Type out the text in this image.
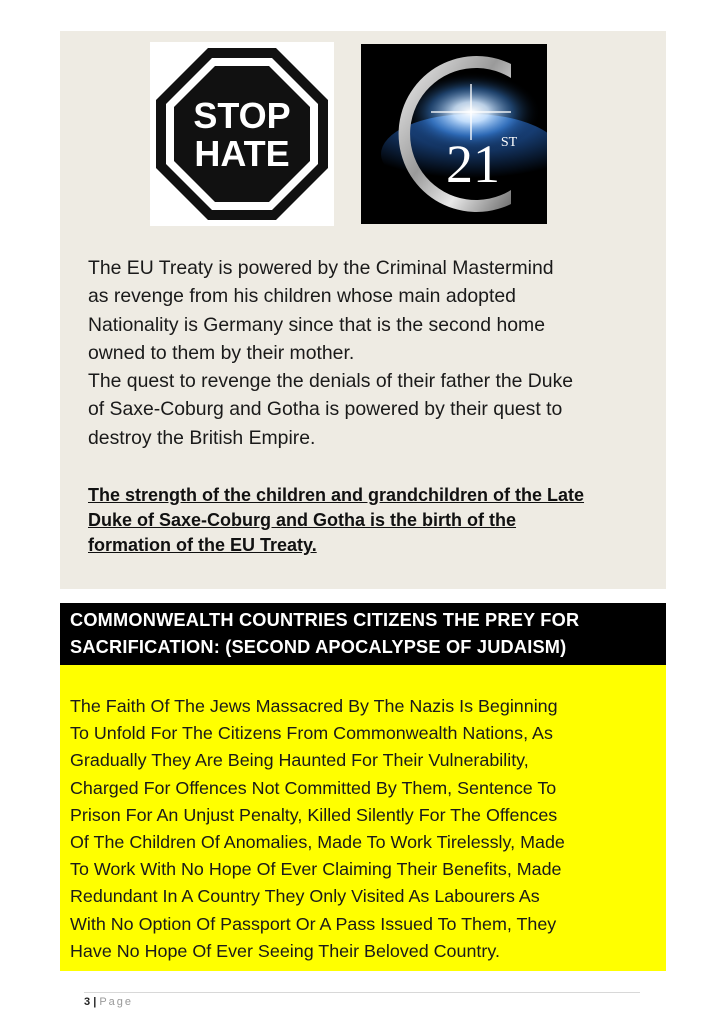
STOP
HATE	21 ST

The EU Treaty is powered by the Criminal Mastermind

as revenge from his children whose main adopted

Nationality is Germany since that is the second home

owned to them by their mother.

The quest to revenge the denials of their father the Duke

of Saxe-Coburg and Gotha is powered by their quest to

destroy the British Empire.

The strength of the children and grandchildren of the Late
Duke of Saxe-Coburg and Gotha is the birth of the
formation of the EU Treaty.
COMMONWEALTH COUNTRIES CITIZENS THE PREY FOR
SACRIFICATION: (SECOND APOCALYPSE OF JUDAISM)
The Faith Of The Jews Massacred By The Nazis Is Beginning
To Unfold For The Citizens From Commonwealth Nations, As
Gradually They Are Being Haunted For Their Vulnerability,
Charged For Offences Not Committed By Them, Sentence To
Prison For An Unjust Penalty, Killed Silently For The Offences
Of The Children Of Anomalies, Made To Work Tirelessly, Made
To Work With No Hope Of Ever Claiming Their Benefits, Made
Redundant In A Country They Only Visited As Labourers As
With No Option Of Passport Or A Pass Issued To Them, They
Have No Hope Of Ever Seeing Their Beloved Country.
3 | Page
